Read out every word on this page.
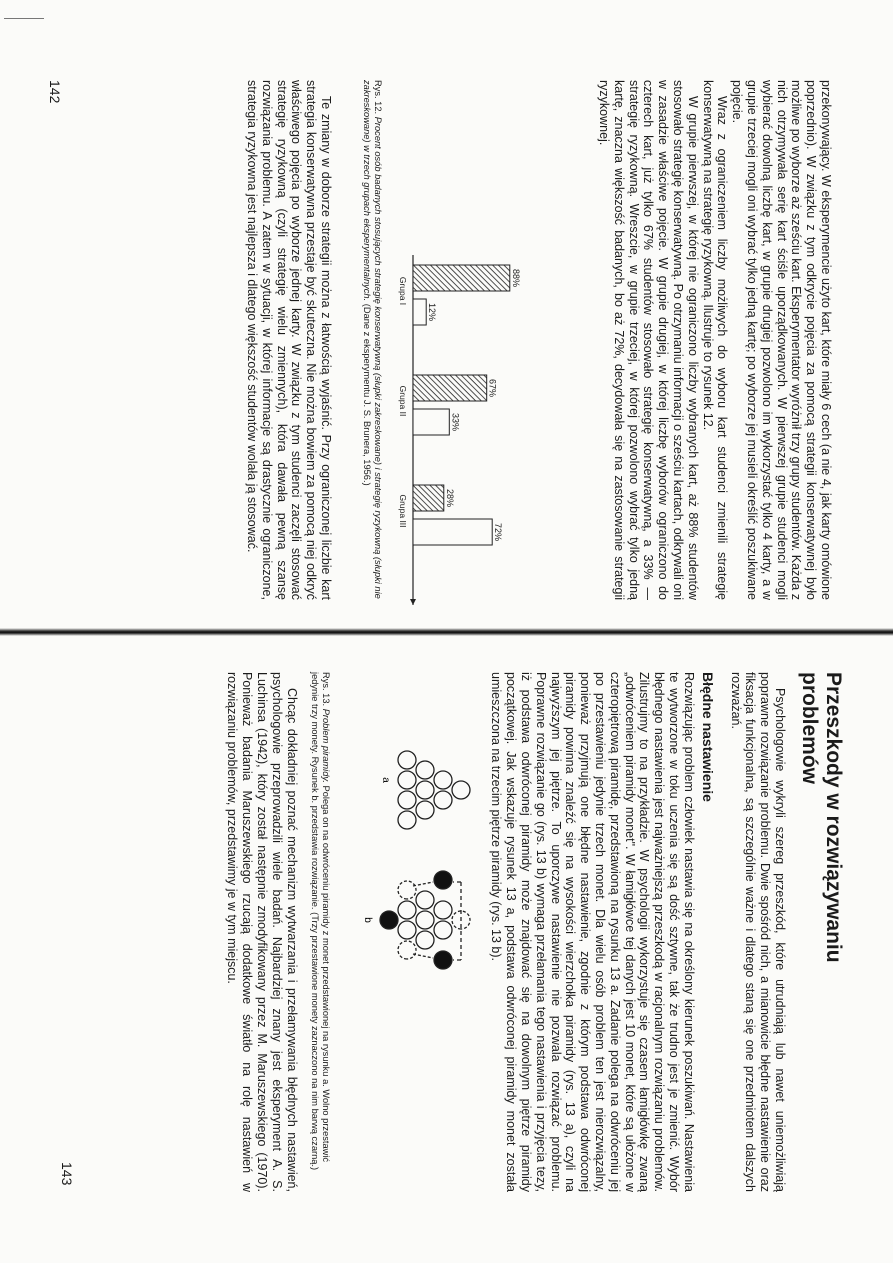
przekonywający. W eksperymencie użyto kart, które miały 6 cech (a nie 4, jak karty omówione poprzednio). W związku z tym odkrycie pojęcia za pomocą strategii konserwatywnej było możliwe po wyborze aż sześciu kart. Eksperymentator wyróżnił trzy grupy studentów. Każda z nich otrzymywała serię kart ściśle uporządkowanych. W pierwszej grupie studenci mogli wybierać dowolną liczbę kart, w grupie drugiej pozwolono im wykorzystać tylko 4 karty, a w grupie trzeciej mogli oni wybrać tylko jedną kartę; po wyborze jej musieli określić poszukiwane pojęcie.

Wraz z ograniczeniem liczby możliwych do wyboru kart studenci zmienili strategię konserwatywną na strategię ryzykowną. Ilustruje to rysunek 12.

W grupie pierwszej, w której nie ograniczono liczby wybranych kart, aż 88% studentów stosowało strategię konserwatywną. Po otrzymaniu informacji o sześciu kartach, odkrywali oni w zasadzie właściwe pojęcie. W grupie drugiej, w której liczbę wyborów ograniczono do czterech kart, już tylko 67% studentów stosowało strategię konserwatywną, a 33% — strategię ryzykowną. Wreszcie, w grupie trzeciej, w której pozwolono wybrać tylko jedną kartę, znaczna większość badanych, bo aż 72%, decydowała się na zastosowanie strategii ryzykownej.

88%
12%
Grupa I
67%
33%
Grupa II
28%
72%
Grupa III

Rys. 12. Procent osób badanych stosujących strategię konserwatywną (słupki zakreskowane) i strategię ryzykowną (słupki nie zakreskowane) w trzech grupach eksperymentalnych. (Dane z eksperymentu J. S. Brunera, 1956.)

Te zmiany w doborze strategii można z łatwością wyjaśnić. Przy ograniczonej liczbie kart strategia konserwatywna przestaje być skuteczna. Nie można bowiem za pomocą niej odkryć właściwego pojęcia po wyborze jednej karty. W związku z tym studenci zaczęli stosować strategię ryzykowną (czyli strategię wielu zmiennych), która dawała pewną szansę rozwiązania problemu. A zatem w sytuacji, w której informacje są drastycznie ograniczone, strategia ryzykowna jest najlepsza i dlatego większość studentów wolała ją stosować.

142
Przeszkody w rozwiązywaniu problemów

Psychologowie wykryli szereg przeszkód, które utrudniają lub nawet uniemożliwiają poprawne rozwiązanie problemu. Dwie spośród nich, a mianowicie błędne nastawienie oraz fiksacja funkcjonalna, są szczególnie ważne i dlatego staną się one przedmiotem dalszych rozważań.

Błędne nastawienie

Rozwiązując problem człowiek nastawia się na określony kierunek poszukiwań. Nastawienia te wytworzone w toku uczenia się są dość sztywne, tak że trudno jest je zmienić. Wybór błędnego nastawienia jest najważniejszą przeszkodą w racjonalnym rozwiązaniu problemów. Zilustrujmy to na przykładzie. W psychologii wykorzystuje się czasem łamigłówkę zwaną „odwróceniem piramidy monet". W łamigłówce tej danych jest 10 monet, które są ułożone w czteropiętrową piramidę, przedstawioną na rysunku 13 a. Zadanie polega na odwróceniu jej po przestawieniu jedynie trzech monet. Dla wielu osób problem ten jest nierozwiązalny, ponieważ przyjmują one błędne nastawienie, zgodnie z którym podstawa odwróconej piramidy powinna znaleźć się na wysokości wierzchołka piramidy (rys. 13 a), czyli na najwyższym jej piętrze. To uporczywe nastawienie nie pozwala rozwiązać problemu. Poprawne rozwiązanie go (rys. 13 b) wymaga przełamania tego nastawienia i przyjęcia tezy, iż podstawa odwróconej piramidy może znajdować się na dowolnym piętrze piramidy początkowej. Jak wskazuje rysunek 13 a, podstawa odwróconej piramidy monet została umieszczona na trzecim piętrze piramidy (rys. 13 b).

a
b

Rys. 13. Problem piramidy. Polega on na odwróceniu piramidy z monet przedstawionej na rysunku a. Wolno przestawić jedynie trzy monety. Rysunek b. przedstawia rozwiązanie. (Trzy przestawione monety zaznaczono na nim barwą czarną.)

Chcąc dokładniej poznać mechanizm wytwarzania i przełamywania błędnych nastawień, psychologowie przeprowadzili wiele badań. Najbardziej znany jest eksperyment A. S. Luchinsa (1942), który został następnie zmodyfikowany przez M. Maruszewskiego (1970). Ponieważ badania Maruszewskiego rzucają dodatkowe światło na rolę nastawień w rozwiązaniu problemów, przedstawimy je w tym miejscu.

143
